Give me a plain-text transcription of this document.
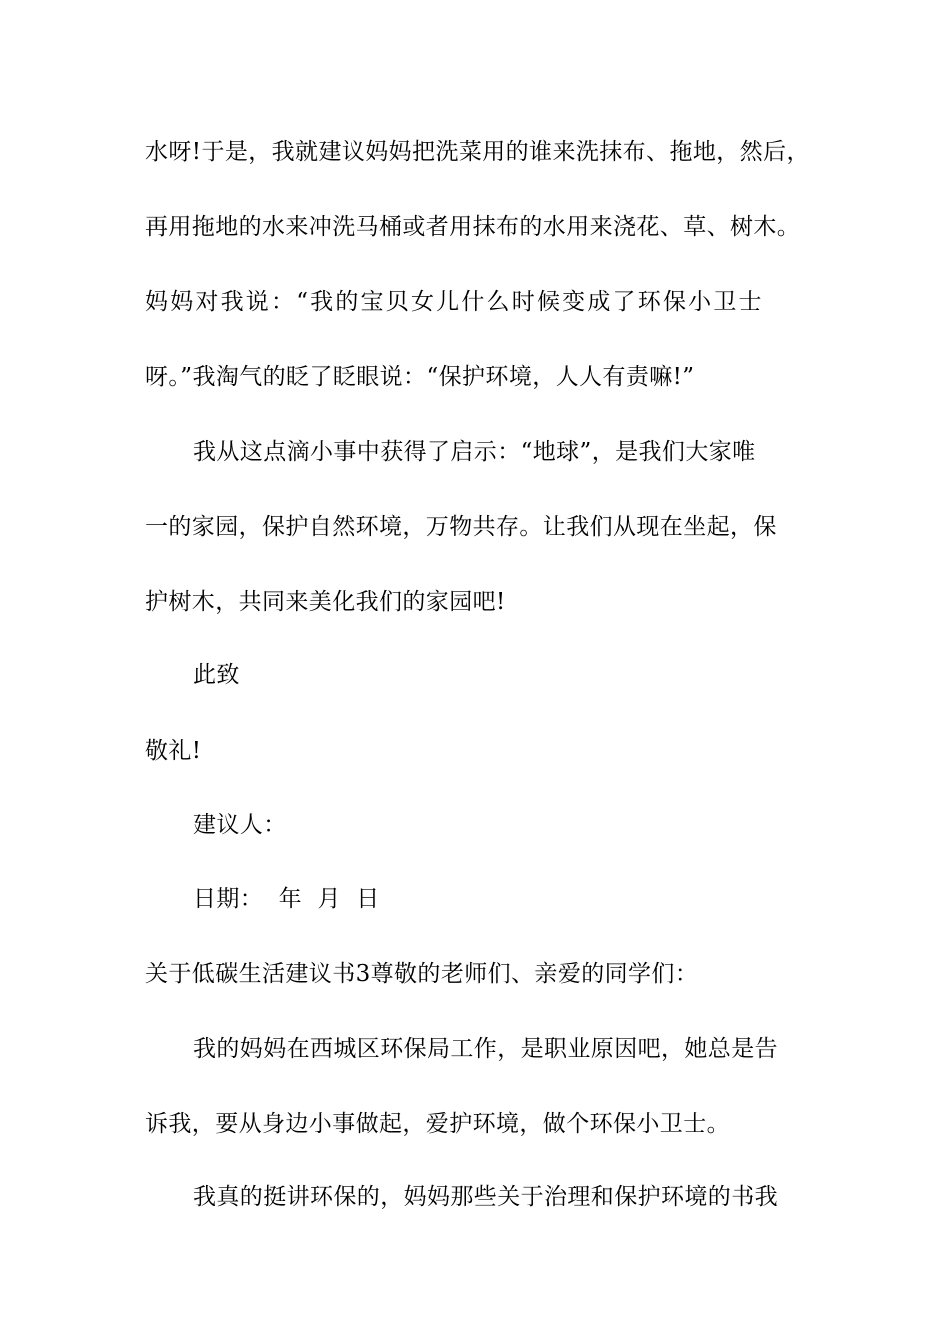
水呀!于是，我就建议妈妈把洗菜用的谁来洗抹布、拖地，然后，
再用拖地的水来冲洗马桶或者用抹布的水用来浇花、草、树木。
妈妈对我说：“我的宝贝女儿什么时候变成了环保小卫士
呀。”我淘气的眨了眨眼说：“保护环境，人人有责嘛!”
我从这点滴小事中获得了启示：“地球”，是我们大家唯
一的家园，保护自然环境，万物共存。让我们从现在坐起，保
护树木，共同来美化我们的家园吧!
此致
敬礼!
建议人：
日期：  年  月  日
关于低碳生活建议书3尊敬的老师们、亲爱的同学们：
我的妈妈在西城区环保局工作，是职业原因吧，她总是告
诉我，要从身边小事做起，爱护环境，做个环保小卫士。
我真的挺讲环保的，妈妈那些关于治理和保护环境的书我
